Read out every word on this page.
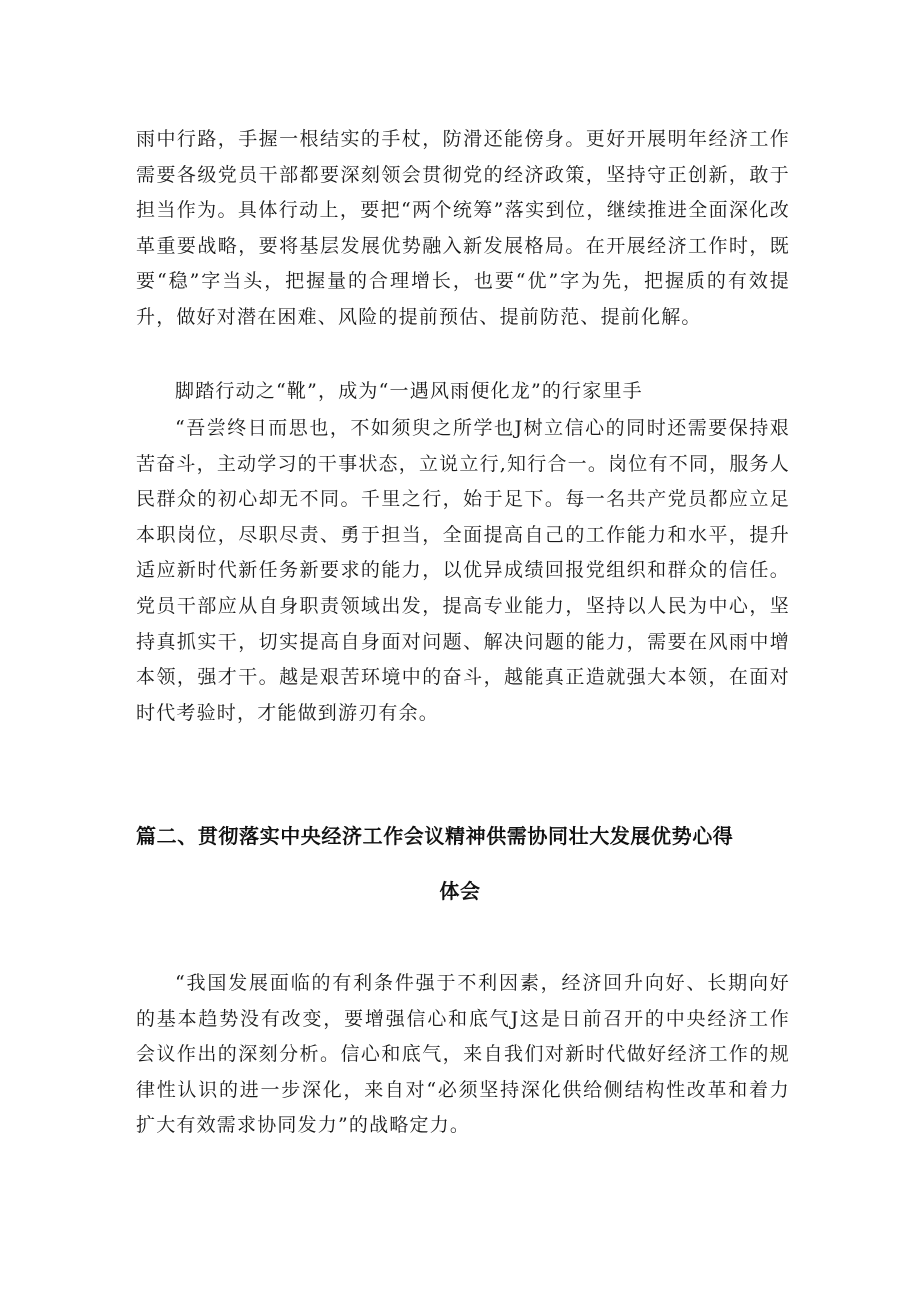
雨中行路，手握一根结实的手杖，防滑还能傍身。更好开展明年经济工作需要各级党员干部都要深刻领会贯彻党的经济政策，坚持守正创新，敢于担当作为。具体行动上，要把“两个统筹”落实到位，继续推进全面深化改革重要战略，要将基层发展优势融入新发展格局。在开展经济工作时，既要“稳”字当头，把握量的合理增长，也要“优”字为先，把握质的有效提升，做好对潜在困难、风险的提前预估、提前防范、提前化解。

脚踏行动之“靴”，成为“一遇风雨便化龙”的行家里手

“吾尝终日而思也，不如须臾之所学也J树立信心的同时还需要保持艰苦奋斗，主动学习的干事状态，立说立行,知行合一。岗位有不同，服务人民群众的初心却无不同。千里之行，始于足下。每一名共产党员都应立足本职岗位，尽职尽责、勇于担当，全面提高自己的工作能力和水平，提升适应新时代新任务新要求的能力，以优异成绩回报党组织和群众的信任。党员干部应从自身职责领域出发，提高专业能力，坚持以人民为中心，坚持真抓实干，切实提高自身面对问题、解决问题的能力，需要在风雨中增本领，强才干。越是艰苦环境中的奋斗，越能真正造就强大本领，在面对时代考验时，才能做到游刃有余。

篇二、贯彻落实中央经济工作会议精神供需协同壮大发展优势心得

体会

“我国发展面临的有利条件强于不利因素，经济回升向好、长期向好的基本趋势没有改变，要增强信心和底气J这是日前召开的中央经济工作会议作出的深刻分析。信心和底气，来自我们对新时代做好经济工作的规律性认识的进一步深化，来自对“必须坚持深化供给侧结构性改革和着力扩大有效需求协同发力”的战略定力。
